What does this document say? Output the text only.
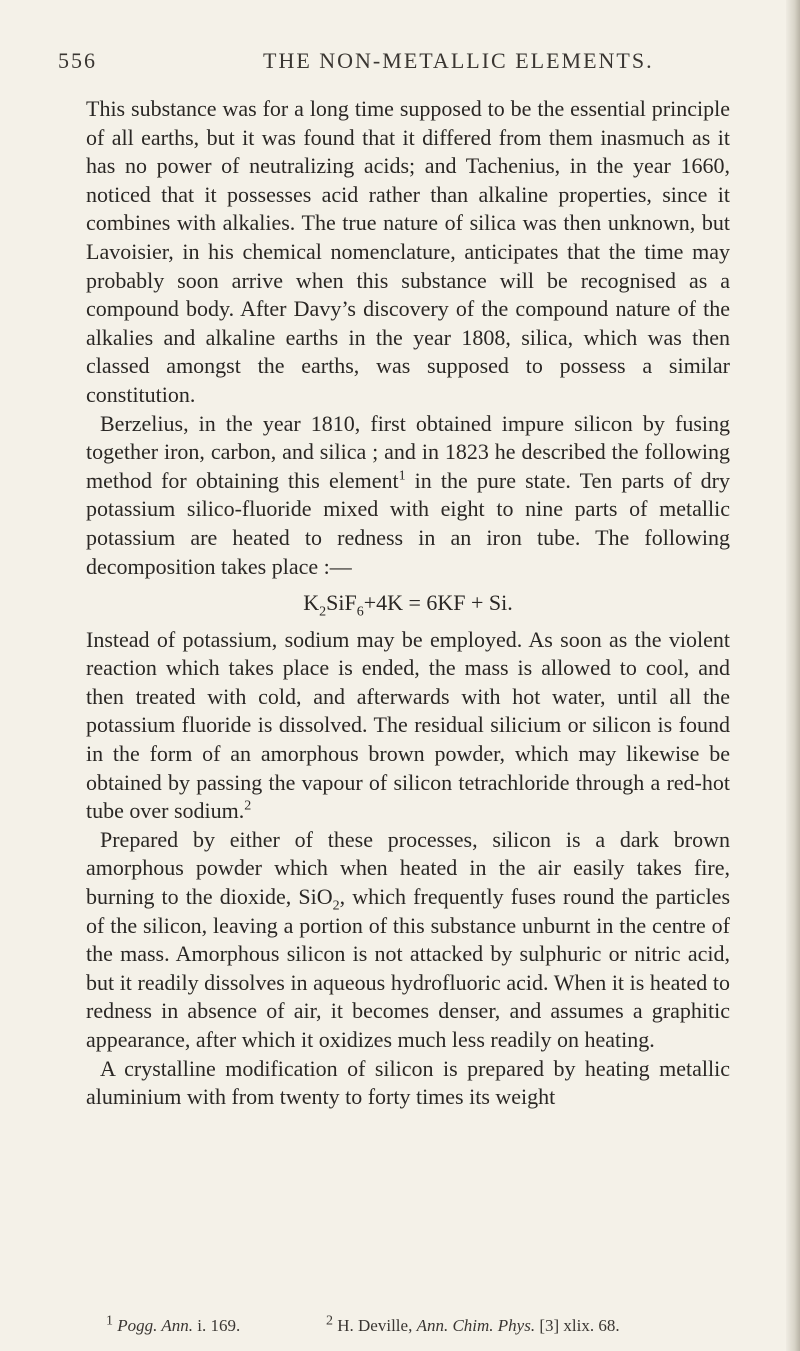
556	THE NON-METALLIC ELEMENTS.

This substance was for a long time supposed to be the essential principle of all earths, but it was found that it differed from them inasmuch as it has no power of neutralizing acids; and Tachenius, in the year 1660, noticed that it possesses acid rather than alkaline properties, since it combines with alkalies. The true nature of silica was then unknown, but Lavoisier, in his chemical nomenclature, anticipates that the time may probably soon arrive when this substance will be recognised as a compound body. After Davy’s discovery of the compound nature of the alkalies and alkaline earths in the year 1808, silica, which was then classed amongst the earths, was supposed to possess a similar constitution.

Berzelius, in the year 1810, first obtained impure silicon by fusing together iron, carbon, and silica ; and in 1823 he described the following method for obtaining this element$^1$ in the pure state. Ten parts of dry potassium silico-fluoride mixed with eight to nine parts of metallic potassium are heated to redness in an iron tube. The following decomposition takes place :—

$K_2SiF_6+4K = 6KF + Si$.

Instead of potassium, sodium may be employed. As soon as the violent reaction which takes place is ended, the mass is allowed to cool, and then treated with cold, and afterwards with hot water, until all the potassium fluoride is dissolved. The residual silicium or silicon is found in the form of an amorphous brown powder, which may likewise be obtained by passing the vapour of silicon tetrachloride through a red-hot tube over sodium.$^2$

Prepared by either of these processes, silicon is a dark brown amorphous powder which when heated in the air easily takes fire, burning to the dioxide, SiO$_2$, which frequently fuses round the particles of the silicon, leaving a portion of this substance unburnt in the centre of the mass. Amorphous silicon is not attacked by sulphuric or nitric acid, but it readily dissolves in aqueous hydrofluoric acid. When it is heated to redness in absence of air, it becomes denser, and assumes a graphitic appearance, after which it oxidizes much less readily on heating.

A crystalline modification of silicon is prepared by heating metallic aluminium with from twenty to forty times its weight

$^1$ Pogg. Ann. i. 169.	$^2$ H. Deville, Ann. Chim. Phys. [3] xlix. 68.
